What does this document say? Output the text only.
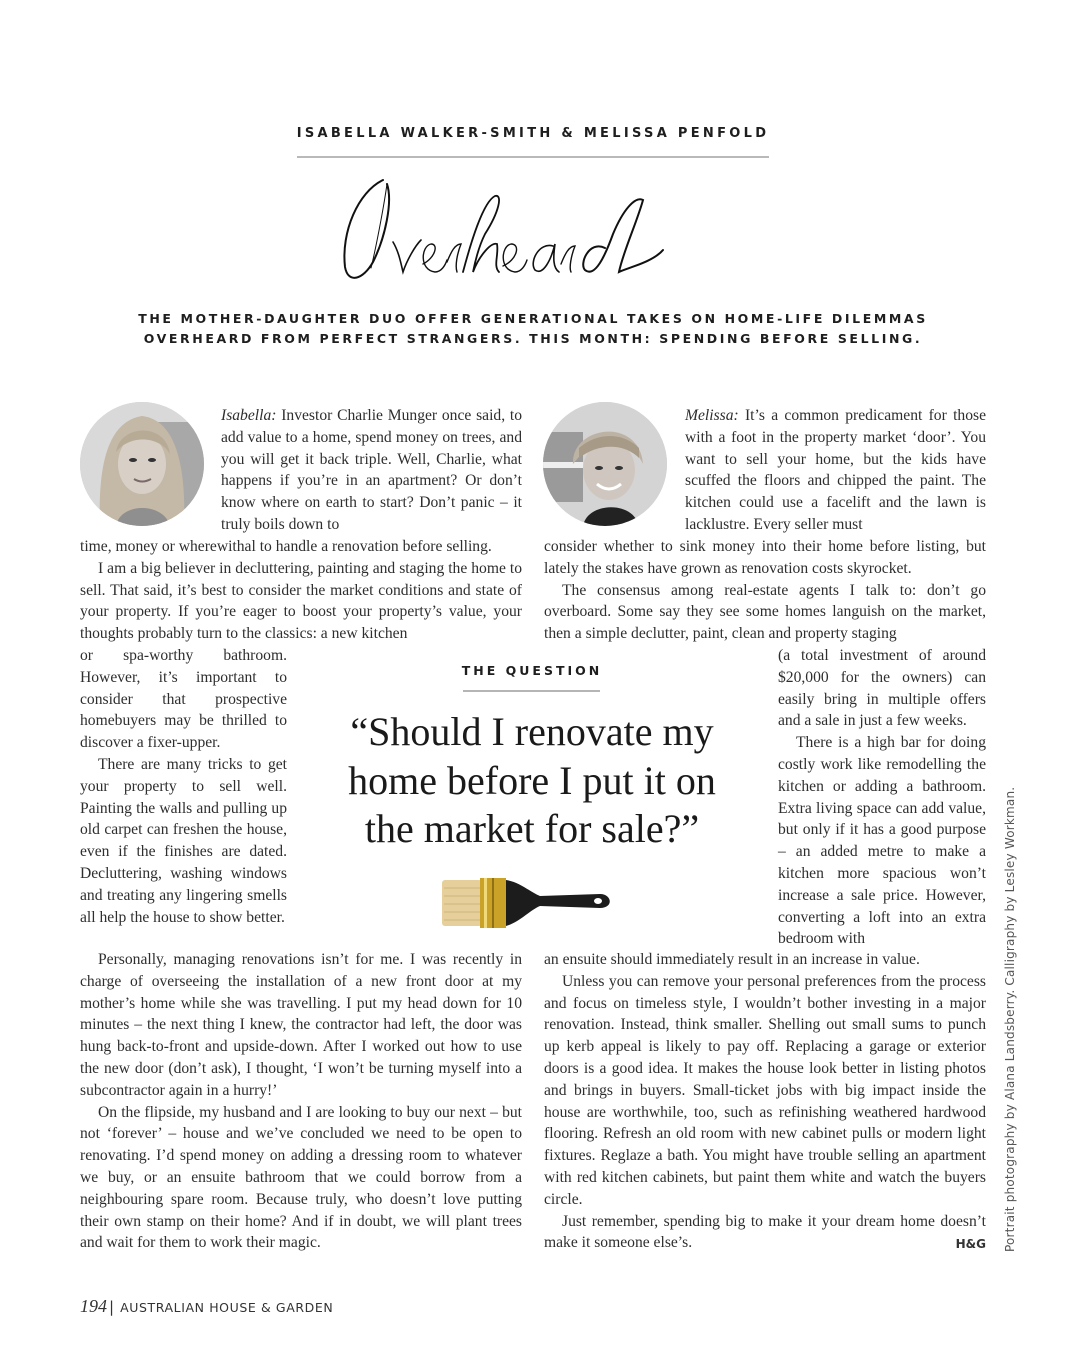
ISABELLA WALKER-SMITH & MELISSA PENFOLD
THE MOTHER-DAUGHTER DUO OFFER GENERATIONAL TAKES ON HOME-LIFE DILEMMAS
OVERHEARD FROM PERFECT STRANGERS. THIS MONTH: SPENDING BEFORE SELLING.

Isabella: Investor Charlie Munger once said, to add value to a home, spend money on trees, and you will get it back triple. Well, Charlie, what happens if you’re in an apartment? Or don’t know where on earth to start? Don’t panic – it truly boils down to

time, money or wherewithal to handle a renovation before selling.

I am a big believer in decluttering, painting and staging the home to sell. That said, it’s best to consider the market conditions and state of your property. If you’re eager to boost your property’s value, your thoughts probably turn to the classics: a new kitchen

or spa-worthy bathroom. However, it’s important to consider that prospective homebuyers may be thrilled to discover a fixer-upper.

There are many tricks to get your property to sell well. Painting the walls and pulling up old carpet can freshen the house, even if the finishes are dated. Decluttering, washing windows and treating any lingering smells all help the house to show better.

Personally, managing renovations isn’t for me. I was recently in charge of overseeing the installation of a new front door at my mother’s home while she was travelling. I put my head down for 10 minutes – the next thing I knew, the contractor had left, the door was hung back-to-front and upside-down. After I worked out how to use the new door (don’t ask), I thought, ‘I won’t be turning myself into a subcontractor again in a hurry!’

On the flipside, my husband and I are looking to buy our next – but not ‘forever’ – house and we’ve concluded we need to be open to renovating. I’d spend money on adding a dressing room to whatever we buy, or an ensuite bathroom that we could borrow from a neighbouring spare room. Because truly, who doesn’t love putting their own stamp on their home? And if in doubt, we will plant trees and wait for them to work their magic.

Melissa: It’s a common predicament for those with a foot in the property market ‘door’. You want to sell your home, but the kids have scuffed the floors and chipped the paint. The kitchen could use a facelift and the lawn is lacklustre. Every seller must

consider whether to sink money into their home before listing, but lately the stakes have grown as renovation costs skyrocket.

The consensus among real-estate agents I talk to: don’t go overboard. Some say they see some homes languish on the market, then a simple declutter, paint, clean and property staging

(a total investment of around $20,000 for the owners) can easily bring in multiple offers and a sale in just a few weeks.

There is a high bar for doing costly work like remodelling the kitchen or adding a bathroom. Extra living space can add value, but only if it has a good purpose – an added metre to make a kitchen more spacious won’t increase a sale price. However, converting a loft into an extra bedroom with

an ensuite should immediately result in an increase in value.

Unless you can remove your personal preferences from the process and focus on timeless style, I wouldn’t bother investing in a major renovation. Instead, think smaller. Shelling out small sums to punch up kerb appeal is likely to pay off. Replacing a garage or exterior doors is a good idea. It makes the house look better in listing photos and brings in buyers. Small-ticket jobs with big impact inside the house are worthwhile, too, such as refinishing weathered hardwood flooring. Refresh an old room with new cabinet pulls or modern light fixtures. Reglaze a bath. You might have trouble selling an apartment with red kitchen cabinets, but paint them white and watch the buyers circle.

Just remember, spending big to make it your dream home doesn’t make it someone else’s.	H&G

THE QUESTION
“Should I renovate my home before I put it on the market for sale?”	Portrait photography by Alana Landsberry. Calligraphy by Lesley Workman.
194 | AUSTRALIAN HOUSE & GARDEN
